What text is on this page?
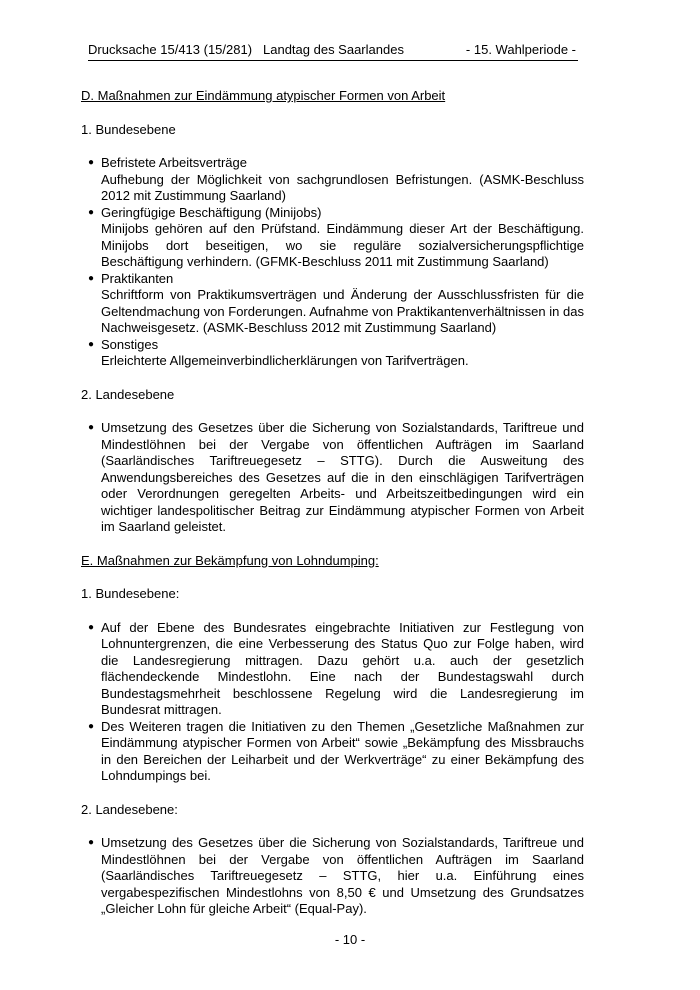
Drucksache 15/413 (15/281) Landtag des Saarlandes	- 15. Wahlperiode -
D. Maßnahmen zur Eindämmung atypischer Formen von Arbeit
1. Bundesebene
● Befristete Arbeitsverträge
Aufhebung der Möglichkeit von sachgrundlosen Befristungen. (ASMK-Beschluss 2012 mit Zustimmung Saarland)
● Geringfügige Beschäftigung (Minijobs)
Minijobs gehören auf den Prüfstand. Eindämmung dieser Art der Beschäftigung. Minijobs dort beseitigen, wo sie reguläre sozialversicherungspflichtige Beschäftigung verhindern. (GFMK-Beschluss 2011 mit Zustimmung Saarland)
● Praktikanten
Schriftform von Praktikumsverträgen und Änderung der Ausschlussfristen für die Geltendmachung von Forderungen. Aufnahme von Praktikantenverhältnissen in das Nachweisgesetz. (ASMK-Beschluss 2012 mit Zustimmung Saarland)
● Sonstiges
Erleichterte Allgemeinverbindlicherklärungen von Tarifverträgen.
2. Landesebene
● Umsetzung des Gesetzes über die Sicherung von Sozialstandards, Tariftreue und Mindestlöhnen bei der Vergabe von öffentlichen Aufträgen im Saarland (Saarländisches Tariftreuegesetz – STTG). Durch die Ausweitung des Anwendungsbereiches des Gesetzes auf die in den einschlägigen Tarifverträgen oder Verordnungen geregelten Arbeits- und Arbeitszeitbedingungen wird ein wichtiger landespolitischer Beitrag zur Eindämmung atypischer Formen von Arbeit im Saarland geleistet.
E. Maßnahmen zur Bekämpfung von Lohndumping:
1. Bundesebene:
● Auf der Ebene des Bundesrates eingebrachte Initiativen zur Festlegung von Lohnuntergrenzen, die eine Verbesserung des Status Quo zur Folge haben, wird die Landesregierung mittragen. Dazu gehört u.a. auch der gesetzlich flächendeckende Mindestlohn. Eine nach der Bundestagswahl durch Bundestagsmehrheit beschlossene Regelung wird die Landesregierung im Bundesrat mittragen.
● Des Weiteren tragen die Initiativen zu den Themen „Gesetzliche Maßnahmen zur Eindämmung atypischer Formen von Arbeit“ sowie „Bekämpfung des Missbrauchs in den Bereichen der Leiharbeit und der Werkverträge“ zu einer Bekämpfung des Lohndumpings bei.
2. Landesebene:
● Umsetzung des Gesetzes über die Sicherung von Sozialstandards, Tariftreue und Mindestlöhnen bei der Vergabe von öffentlichen Aufträgen im Saarland (Saarländisches Tariftreuegesetz – STTG, hier u.a. Einführung eines vergabespezifischen Mindestlohns von 8,50 € und Umsetzung des Grundsatzes „Gleicher Lohn für gleiche Arbeit“ (Equal-Pay).
- 10 -
